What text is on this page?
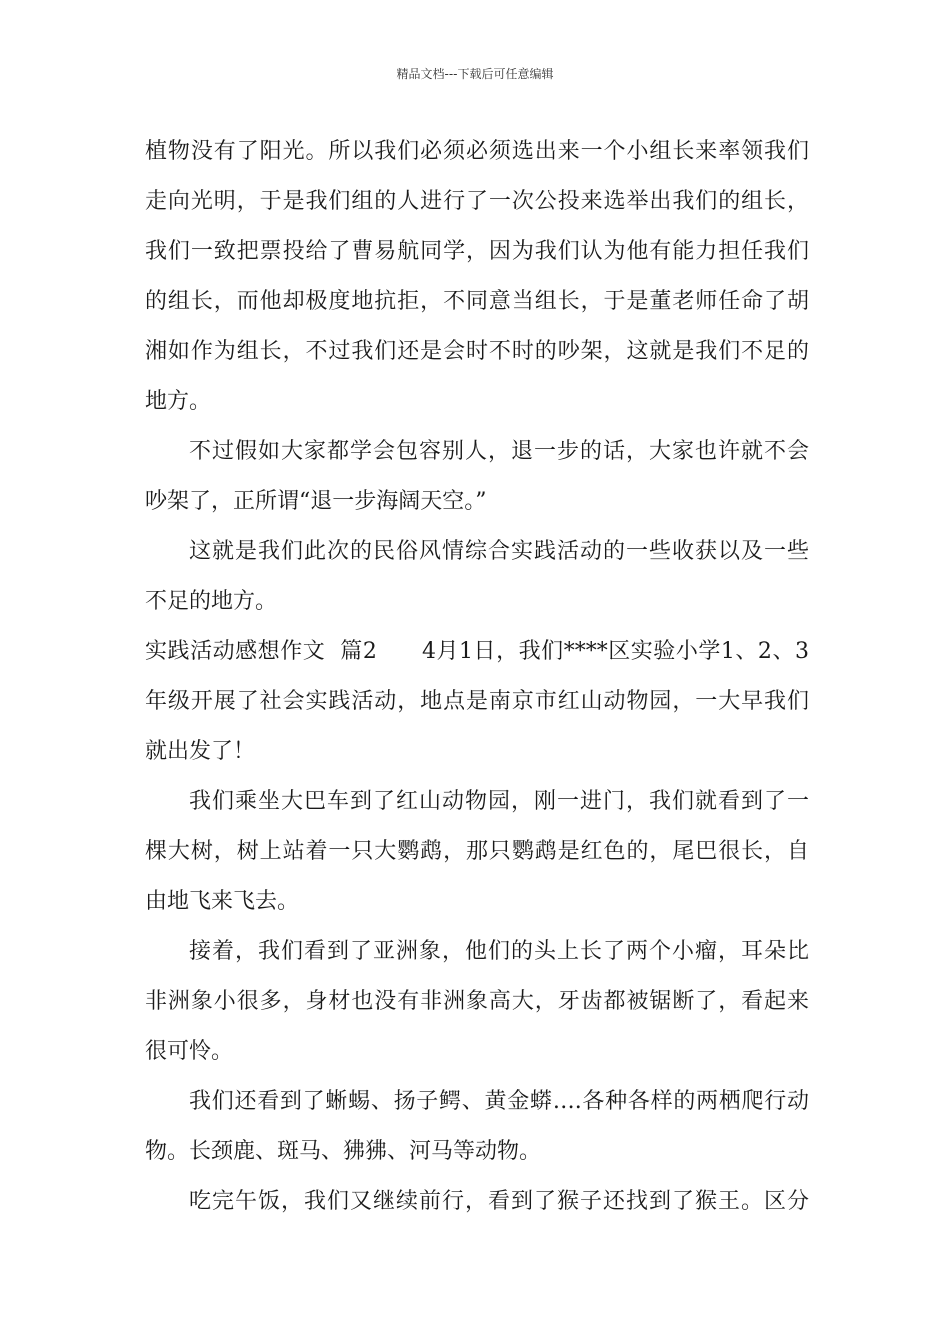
精品文档---下载后可任意编辑
植物没有了阳光。所以我们必须必须选出来一个小组长来率领我们
走向光明，于是我们组的人进行了一次公投来选举出我们的组长，
我们一致把票投给了曹易航同学，因为我们认为他有能力担任我们
的组长，而他却极度地抗拒，不同意当组长，于是董老师任命了胡
湘如作为组长，不过我们还是会时不时的吵架，这就是我们不足的
地方。
不过假如大家都学会包容别人，退一步的话，大家也许就不会
吵架了，正所谓“退一步海阔天空。”
这就是我们此次的民俗风情综合实践活动的一些收获以及一些
不足的地方。
实践活动感想作文  篇2      4月1日，我们****区实验小学1、2、3
年级开展了社会实践活动，地点是南京市红山动物园，一大早我们
就出发了！
我们乘坐大巴车到了红山动物园，刚一进门，我们就看到了一
棵大树，树上站着一只大鹦鹉，那只鹦鹉是红色的，尾巴很长，自
由地飞来飞去。
接着，我们看到了亚洲象，他们的头上长了两个小瘤，耳朵比
非洲象小很多，身材也没有非洲象高大，牙齿都被锯断了，看起来
很可怜。
我们还看到了蜥蜴、扬子鳄、黄金蟒….各种各样的两栖爬行动
物。长颈鹿、斑马、狒狒、河马等动物。
吃完午饭，我们又继续前行，看到了猴子还找到了猴王。区分
